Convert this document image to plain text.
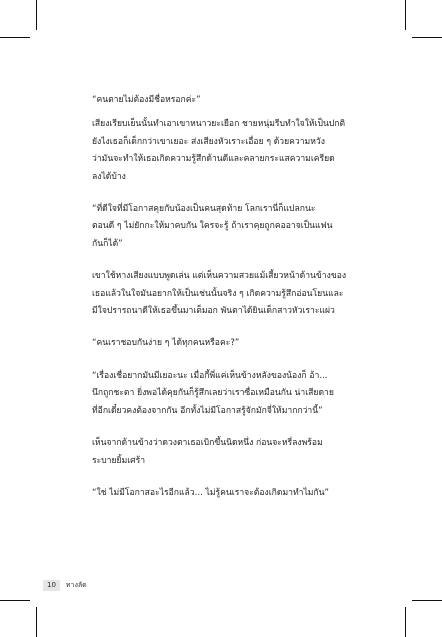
“คนตายไม่ต้องมีชื่อหรอกค่ะ”

เสียงเรียบเย็นนั้นทำเอาเขาหนาวยะเยือก ชายหนุ่มรีบทำใจให้เป็นปกติ
ยังไงเธอก็เด็กกว่าเขาเยอะ ส่งเสียงหัวเราะเอื่อย ๆ ด้วยความหวัง
ว่ามันจะทำให้เธอเกิดความรู้สึกด้านดีและคลายกระแสความเครียด
ลงได้บ้าง

“ที่ดีใจที่มีโอกาสคุยกับน้องเป็นคนสุดท้าย โลกเรานี่ก็แปลกนะ
ตอนดี ๆ ไม่ยักกะให้มาคบกัน ใครจะรู้ ถ้าเราคุยถูกคออาจเป็นแฟน
กันก็ได้”

เขาใช้หางเสียงแบบพูดเล่น แต่เห็นความสวยแม้เสี้ยวหน้าด้านข้างของ
เธอแล้วในใจมันอยากให้เป็นเช่นนั้นจริง ๆ เกิดความรู้สึกอ่อนโยนและ
มีใจปรารถนาดีให้เธอขึ้นมาเต็มอก พันตาได้ยินเด็กสาวหัวเราะแผ่ว

“คนเราชอบกันง่าย ๆ ได้ทุกคนหรือคะ?”

“เรื่องเชื่อยากมันมีเยอะนะ เมื่อกี้พี่แค่เห็นข้างหลังของน้องก็ อ้า...
นึกถูกชะตา ยิ่งพอได้คุยกันก็รู้สึกเลยว่าเราซื่อเหมือนกัน น่าเสียดาย
ที่อีกเดี๋ยวคงต้องจากกัน อีกทั้งไม่มีโอกาสรู้จักมักจี่ให้มากกว่านี้”

เห็นจากด้านข้างว่าดวงตาเธอเบิกขึ้นนิดหนึ่ง ก่อนจะหรี่ลงพร้อม
ระบายยิ้มเศร้า

“ใช่ ไม่มีโอกาสอะไรอีกแล้ว... ไม่รู้คนเราจะต้องเกิดมาทำไมกัน”

10	ทางลัด
